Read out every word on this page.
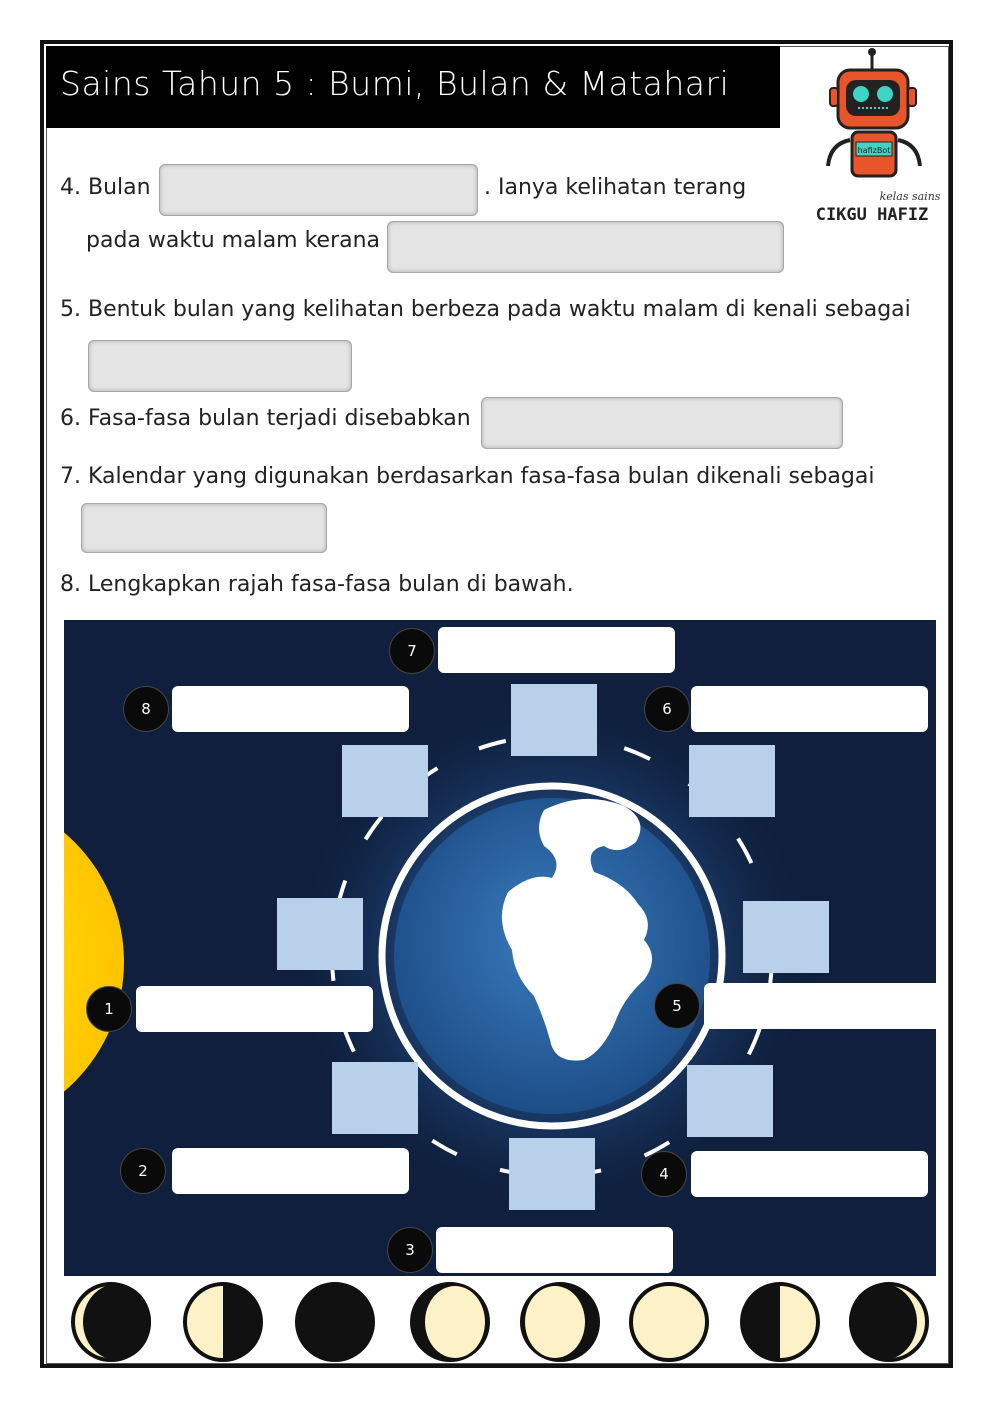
Sains Tahun 5 : Bumi, Bulan & Matahari
hafizBot
kelas sains
CIKGU HAFIZ
4. Bulan	. Ianya kelihatan terang
pada waktu malam kerana
5. Bentuk bulan yang kelihatan berbeza pada waktu malam di kenali sebagai
6. Fasa-fasa bulan terjadi disebabkan
7. Kalendar yang digunakan berdasarkan fasa-fasa bulan dikenali sebagai
8. Lengkapkan rajah fasa-fasa bulan di bawah.
7
8	6
1	5
2	4
3
